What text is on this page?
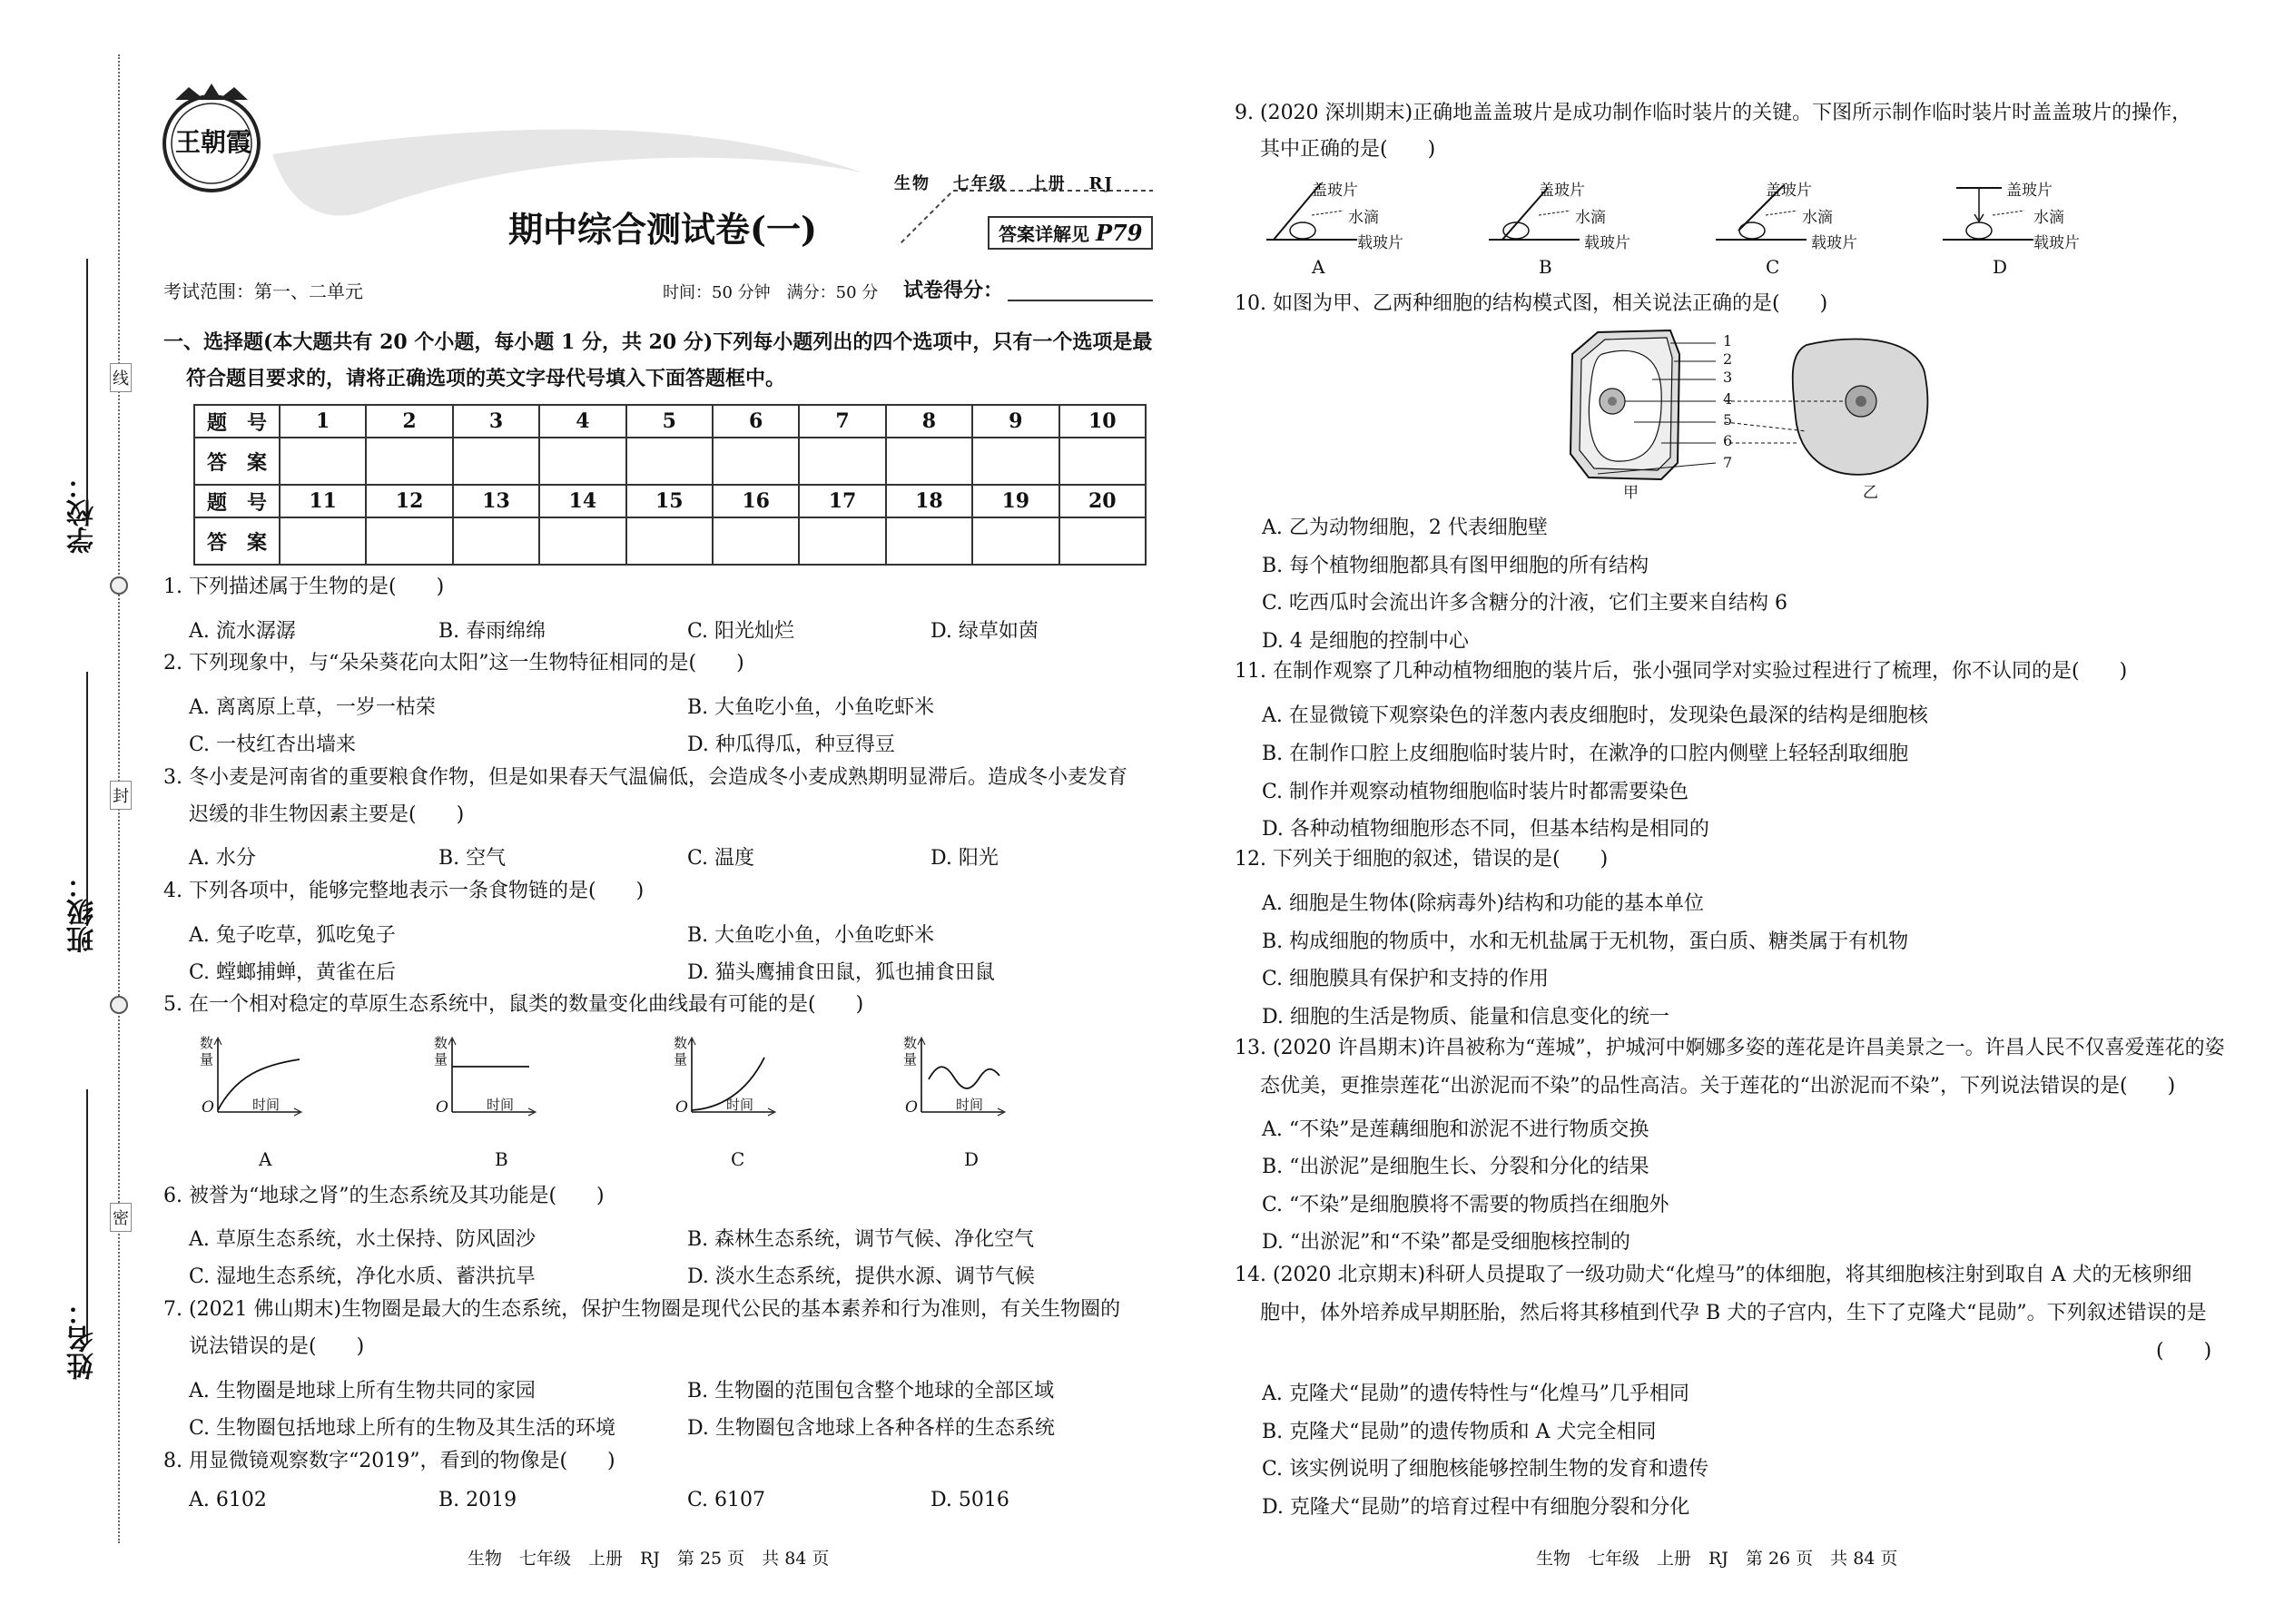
学校：
班级：
姓名：
线
封
密
王朝霞
生物 七年级 上册 RJ
期中综合测试卷(一)	答案详解见 P79
考试范围：第一、二单元	时间：50 分钟　满分：50 分 试卷得分：
一、选择题(本大题共有 20 个小题，每小题 1 分，共 20 分)下列每小题列出的四个选项中，只有一个选项是最
符合题目要求的，请将正确选项的英文字母代号填入下面答题框中。
题　号	1	2	3	4	5	6	7	8	9	10
答　案										
题　号	11	12	13	14	15	16	17	18	19	20
答　案										
1. 下列描述属于生物的是(　　)
A. 流水潺潺	B. 春雨绵绵	C. 阳光灿烂	D. 绿草如茵
2. 下列现象中，与“朵朵葵花向太阳”这一生物特征相同的是(　　)
A. 离离原上草，一岁一枯荣	B. 大鱼吃小鱼，小鱼吃虾米
C. 一枝红杏出墙来	D. 种瓜得瓜，种豆得豆
3. 冬小麦是河南省的重要粮食作物，但是如果春天气温偏低，会造成冬小麦成熟期明显滞后。造成冬小麦发育
迟缓的非生物因素主要是(　　)
A. 水分	B. 空气	C. 温度	D. 阳光
4. 下列各项中，能够完整地表示一条食物链的是(　　)
A. 兔子吃草，狐吃兔子	B. 大鱼吃小鱼，小鱼吃虾米
C. 螳螂捕蝉，黄雀在后	D. 猫头鹰捕食田鼠，狐也捕食田鼠
5. 在一个相对稳定的草原生态系统中，鼠类的数量变化曲线最有可能的是(　　)
数量
时间
O
数量
时间
O
数量
时间
O
数量
时间
O
A	B	C	D
6. 被誉为“地球之肾”的生态系统及其功能是(　　)
A. 草原生态系统，水土保持、防风固沙	B. 森林生态系统，调节气候、净化空气
C. 湿地生态系统，净化水质、蓄洪抗旱	D. 淡水生态系统，提供水源、调节气候
7. (2021 佛山期末)生物圈是最大的生态系统，保护生物圈是现代公民的基本素养和行为准则，有关生物圈的
说法错误的是(　　)
A. 生物圈是地球上所有生物共同的家园	B. 生物圈的范围包含整个地球的全部区域
C. 生物圈包括地球上所有的生物及其生活的环境	D. 生物圈包含地球上各种各样的生态系统
8. 用显微镜观察数字“2019”，看到的物像是(　　)
A. 6102	B. 2019	C. 6107	D. 5016
生物　七年级　上册　RJ　第 25 页　共 84 页
9. (2020 深圳期末)正确地盖盖玻片是成功制作临时装片的关键。下图所示制作临时装片时盖盖玻片的操作，
其中正确的是(　　)
盖玻片
水滴
载玻片
盖玻片
水滴
载玻片
盖玻片
水滴
载玻片
盖玻片
水滴
载玻片
A	B	C	D
10. 如图为甲、乙两种细胞的结构模式图，相关说法正确的是(　　)
1
2
3
4
5
6
7
甲	乙
A. 乙为动物细胞，2 代表细胞壁
B. 每个植物细胞都具有图甲细胞的所有结构
C. 吃西瓜时会流出许多含糖分的汁液，它们主要来自结构 6
D. 4 是细胞的控制中心
11. 在制作观察了几种动植物细胞的装片后，张小强同学对实验过程进行了梳理，你不认同的是(　　)
A. 在显微镜下观察染色的洋葱内表皮细胞时，发现染色最深的结构是细胞核
B. 在制作口腔上皮细胞临时装片时，在漱净的口腔内侧壁上轻轻刮取细胞
C. 制作并观察动植物细胞临时装片时都需要染色
D. 各种动植物细胞形态不同，但基本结构是相同的
12. 下列关于细胞的叙述，错误的是(　　)
A. 细胞是生物体(除病毒外)结构和功能的基本单位
B. 构成细胞的物质中，水和无机盐属于无机物，蛋白质、糖类属于有机物
C. 细胞膜具有保护和支持的作用
D. 细胞的生活是物质、能量和信息变化的统一
13. (2020 许昌期末)许昌被称为“莲城”，护城河中婀娜多姿的莲花是许昌美景之一。许昌人民不仅喜爱莲花的姿
态优美，更推崇莲花“出淤泥而不染”的品性高洁。关于莲花的“出淤泥而不染”，下列说法错误的是(　　)
A. “不染”是莲藕细胞和淤泥不进行物质交换
B. “出淤泥”是细胞生长、分裂和分化的结果
C. “不染”是细胞膜将不需要的物质挡在细胞外
D. “出淤泥”和“不染”都是受细胞核控制的
14. (2020 北京期末)科研人员提取了一级功勋犬“化煌马”的体细胞，将其细胞核注射到取自 A 犬的无核卵细
胞中，体外培养成早期胚胎，然后将其移植到代孕 B 犬的子宫内，生下了克隆犬“昆勋”。下列叙述错误的是
(　　)
A. 克隆犬“昆勋”的遗传特性与“化煌马”几乎相同
B. 克隆犬“昆勋”的遗传物质和 A 犬完全相同
C. 该实例说明了细胞核能够控制生物的发育和遗传
D. 克隆犬“昆勋”的培育过程中有细胞分裂和分化
生物　七年级　上册　RJ　第 26 页　共 84 页
